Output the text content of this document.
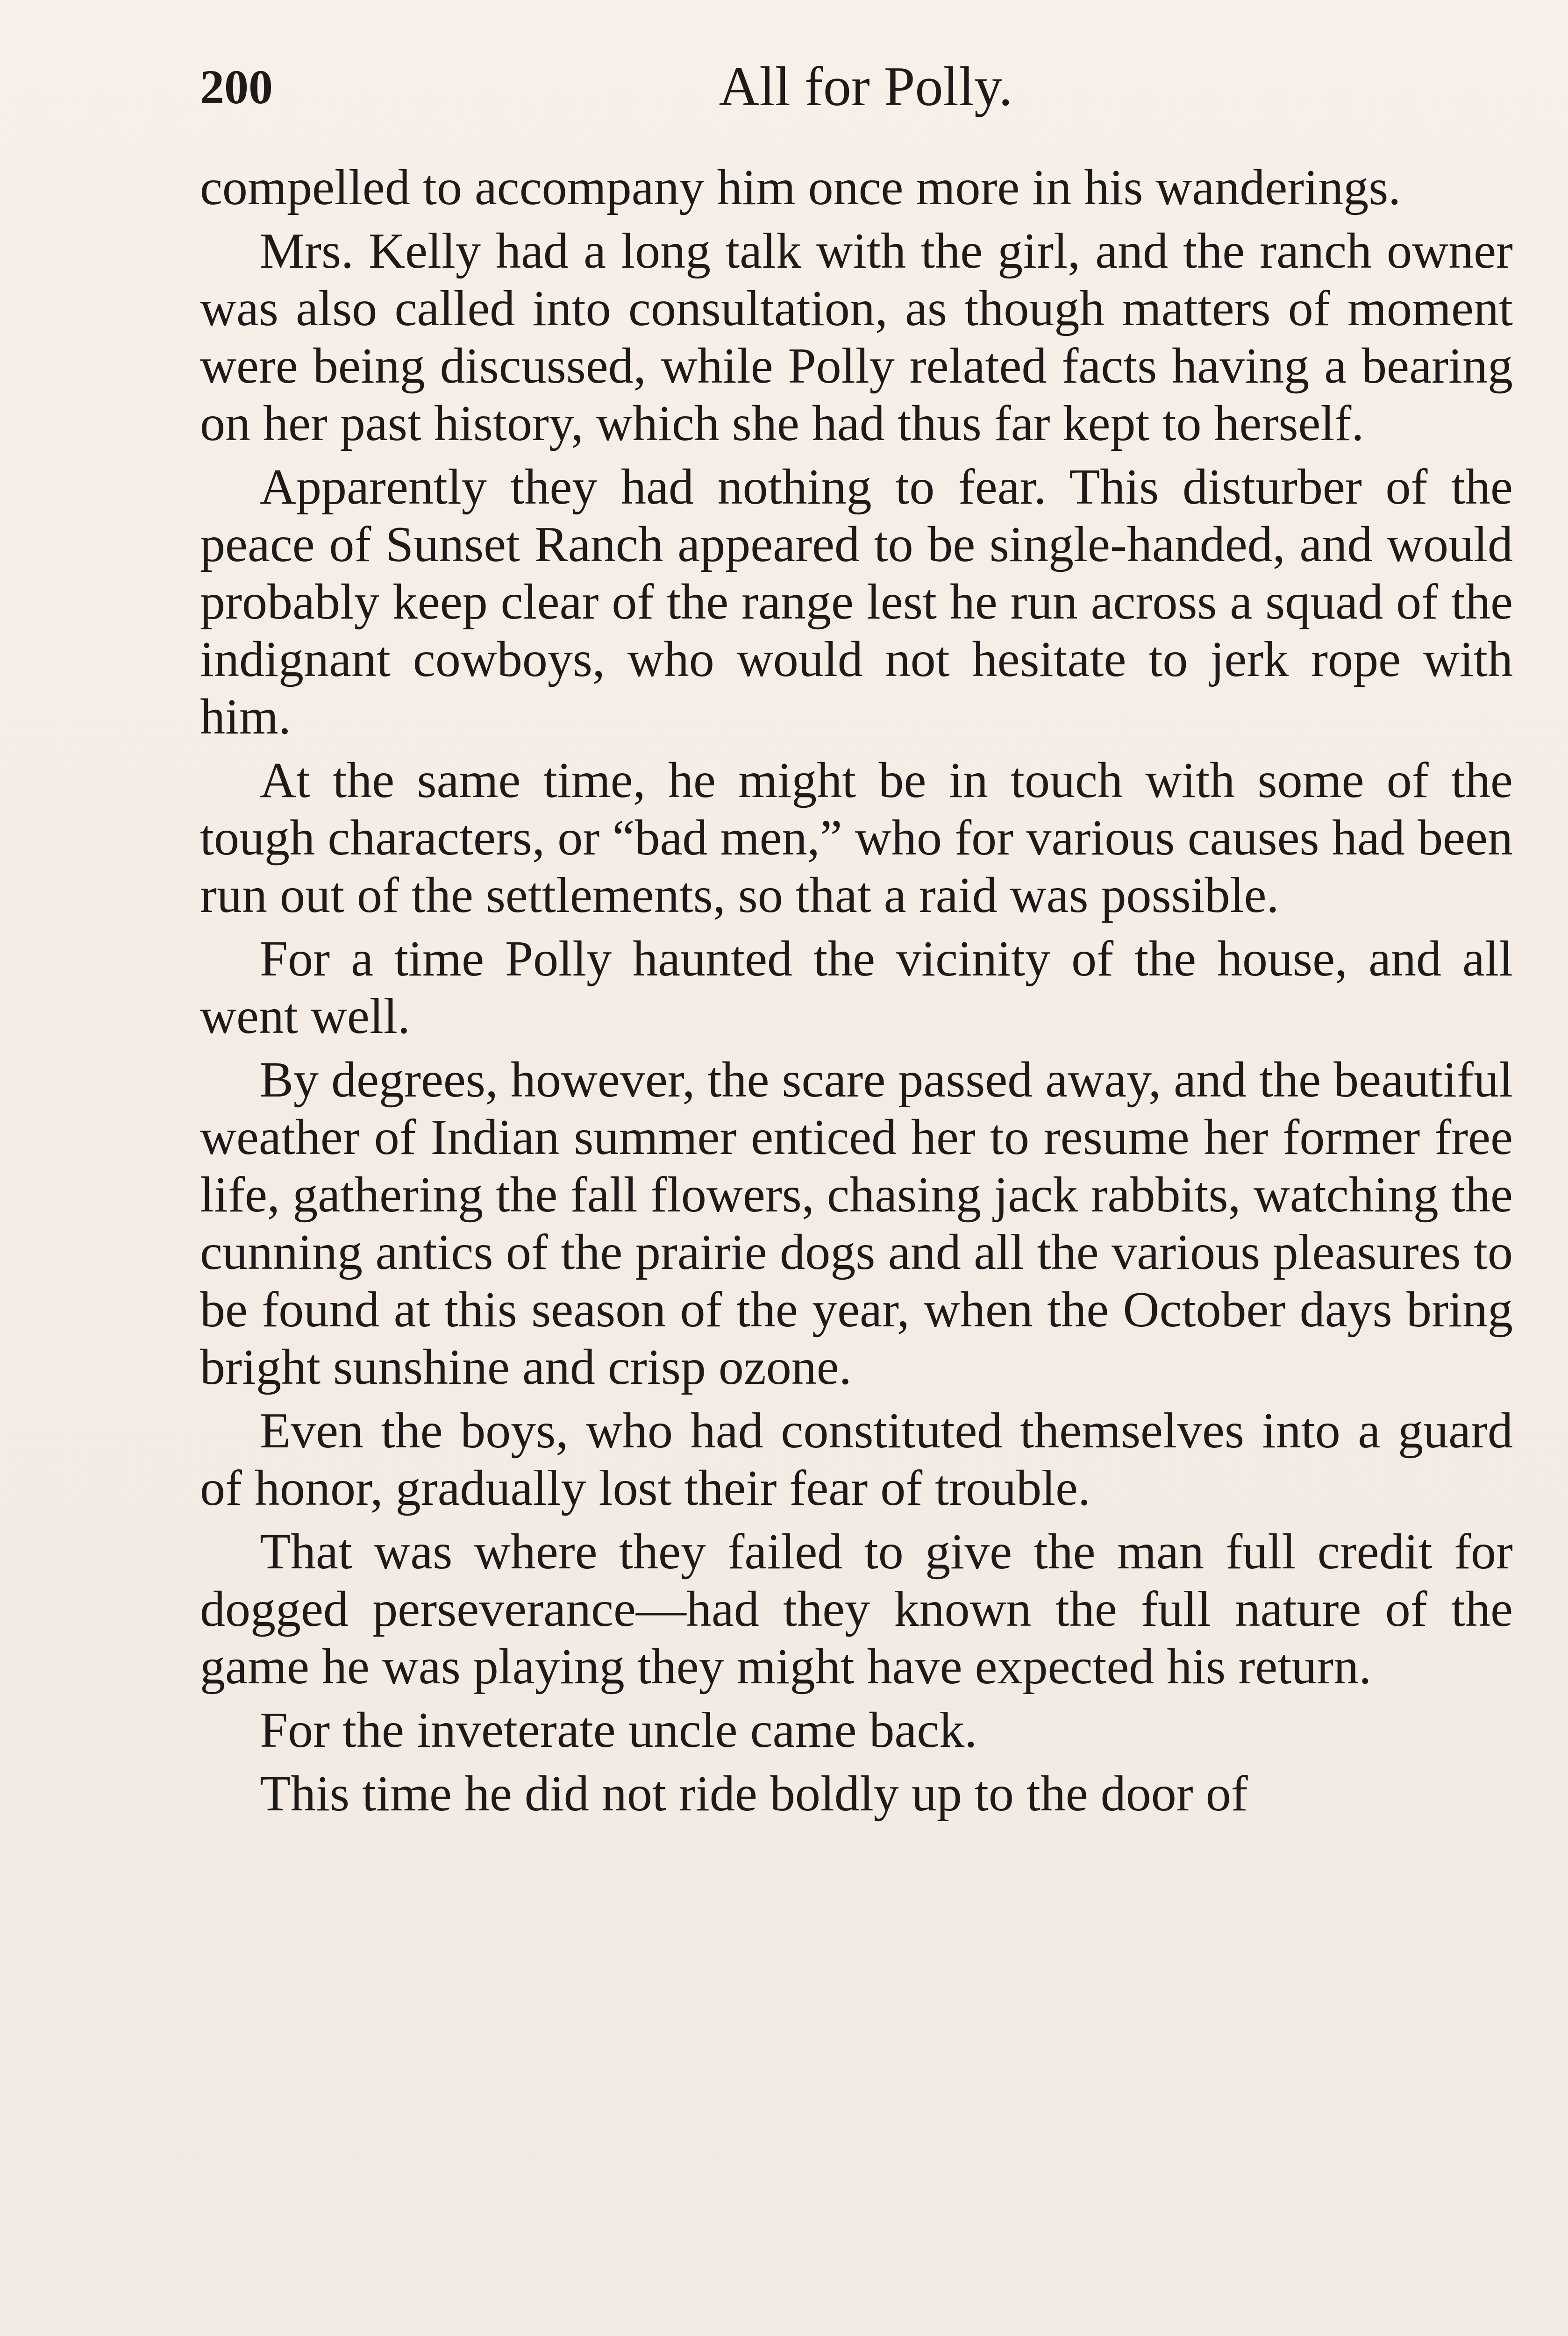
200	All for Polly.

compelled to accompany him once more in his wanderings.

Mrs. Kelly had a long talk with the girl, and the ranch owner was also called into consultation, as though matters of moment were being discussed, while Polly related facts having a bearing on her past history, which she had thus far kept to herself.

Apparently they had nothing to fear. This disturber of the peace of Sunset Ranch appeared to be single-handed, and would probably keep clear of the range lest he run across a squad of the indignant cowboys, who would not hesitate to jerk rope with him.

At the same time, he might be in touch with some of the tough characters, or “bad men,” who for various causes had been run out of the settlements, so that a raid was possible.

For a time Polly haunted the vicinity of the house, and all went well.

By degrees, however, the scare passed away, and the beautiful weather of Indian summer enticed her to resume her former free life, gathering the fall flowers, chasing jack rabbits, watching the cunning antics of the prairie dogs and all the various pleasures to be found at this season of the year, when the October days bring bright sunshine and crisp ozone.

Even the boys, who had constituted themselves into a guard of honor, gradually lost their fear of trouble.

That was where they failed to give the man full credit for dogged perseverance—had they known the full nature of the game he was playing they might have expected his return.

For the inveterate uncle came back.

This time he did not ride boldly up to the door of
